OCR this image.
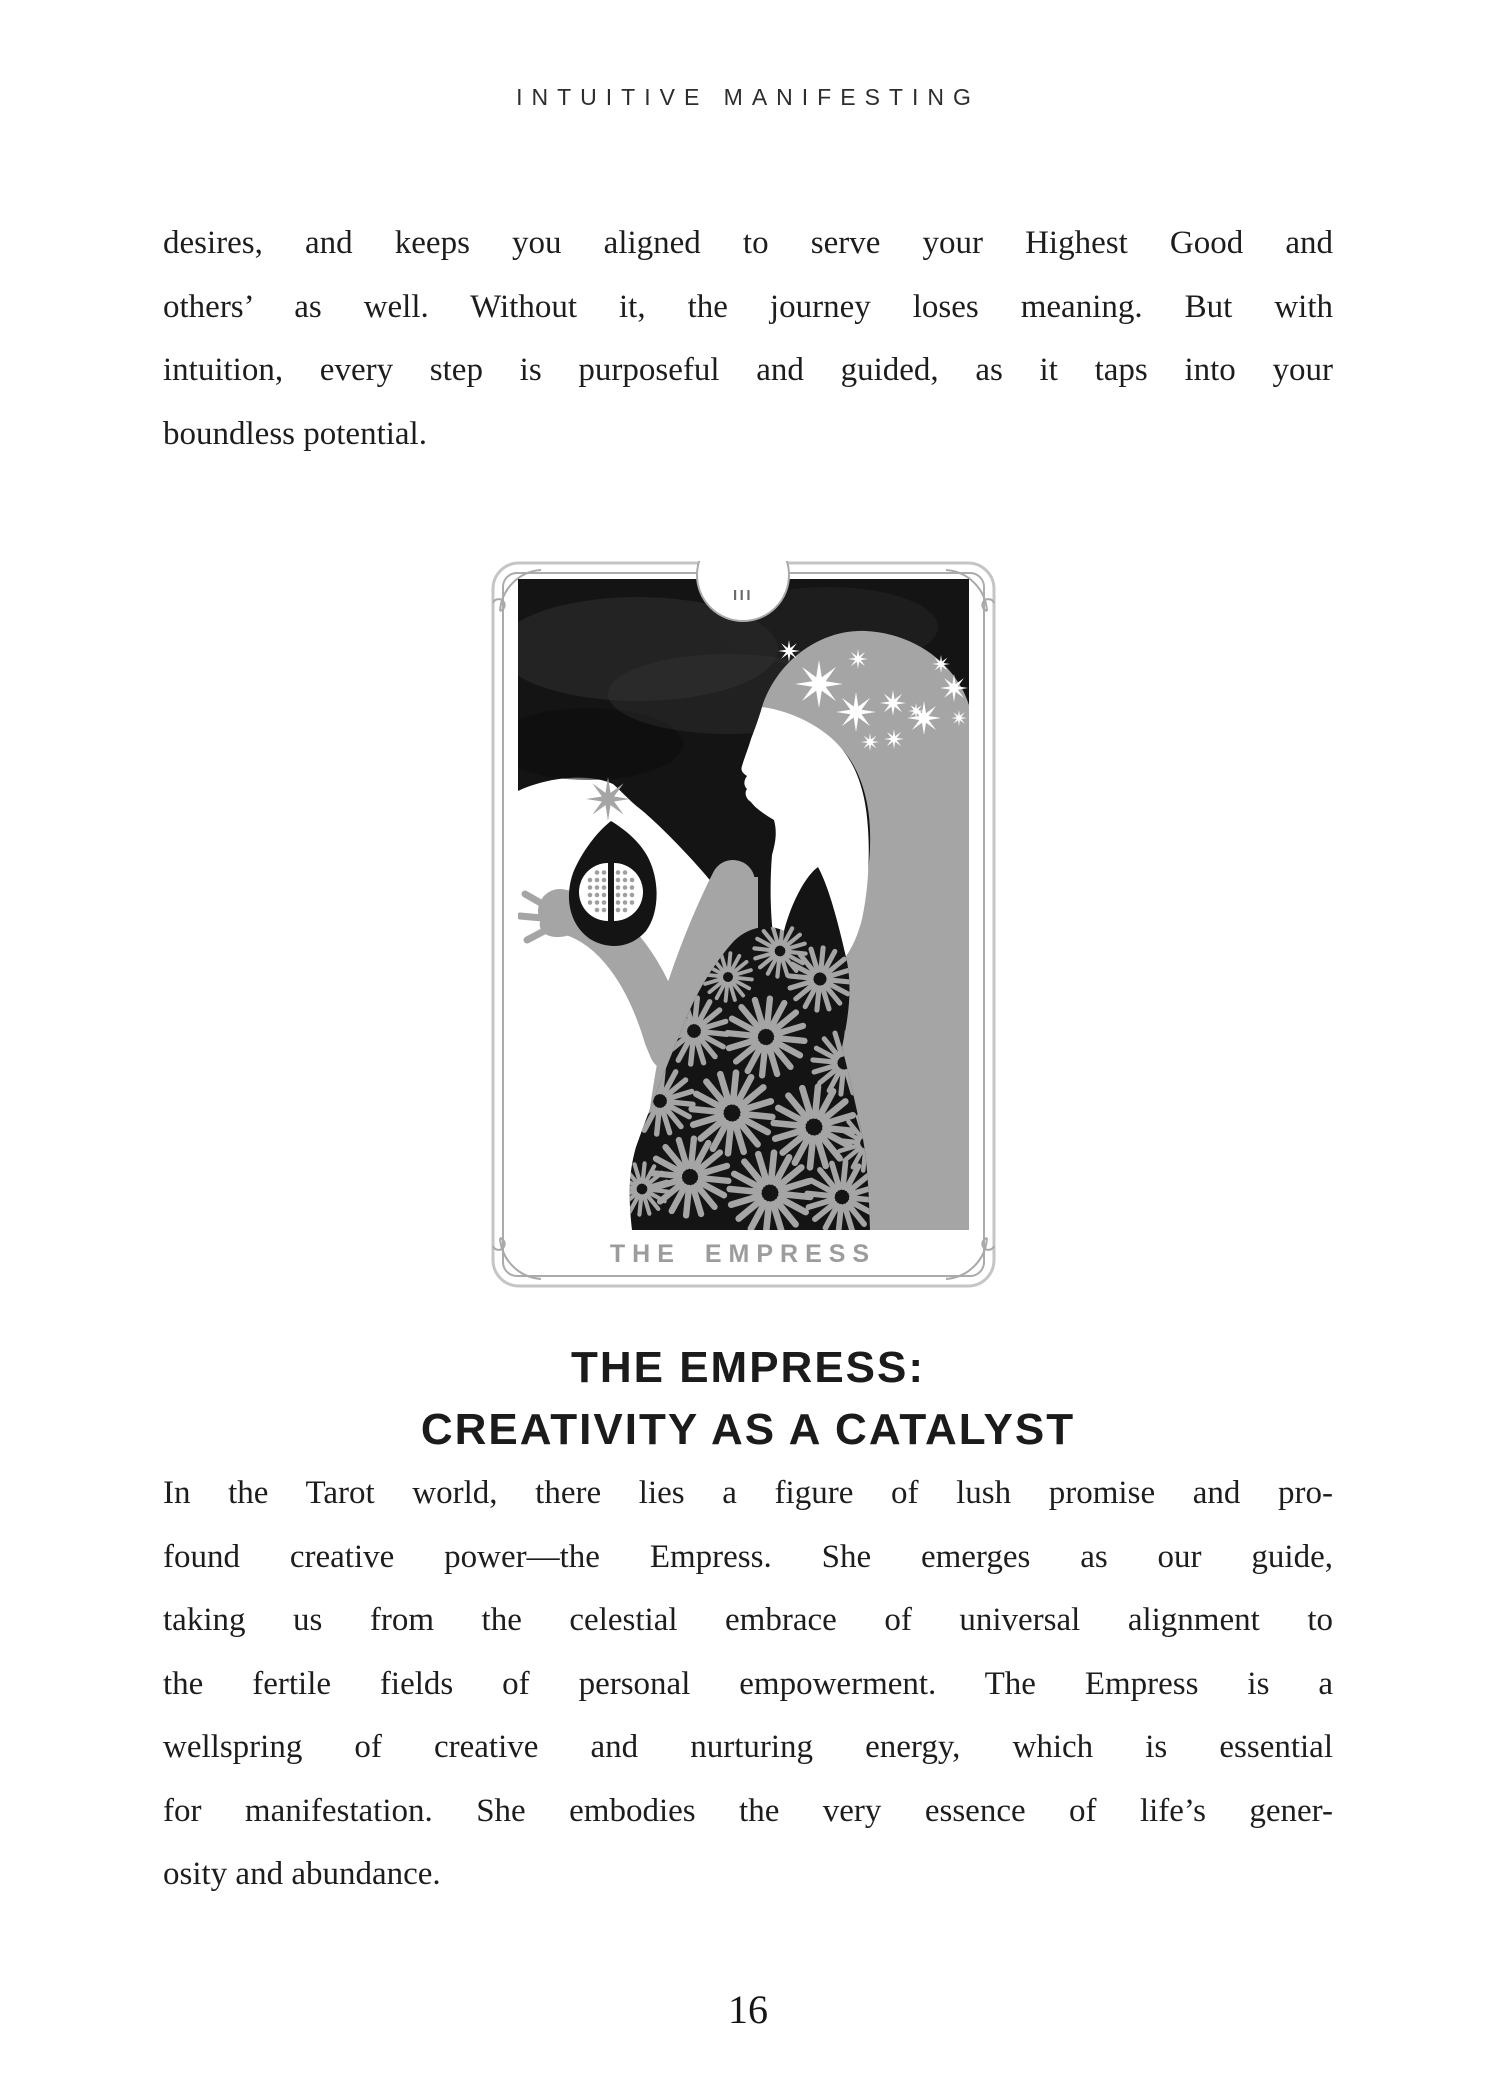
INTUITIVE MANIFESTING
desires, and keeps you aligned to serve your Highest Good and
others’ as well. Without it, the journey loses meaning. But with
intuition, every step is purposeful and guided, as it taps into your
boundless potential.
III
THE EMPRESS
THE EMPRESS:
CREATIVITY AS A CATALYST
In the Tarot world, there lies a figure of lush promise and pro-
found creative power—the Empress. She emerges as our guide,
taking us from the celestial embrace of universal alignment to
the fertile fields of personal empowerment. The Empress is a
wellspring of creative and nurturing energy, which is essential
for manifestation. She embodies the very essence of life’s gener-
osity and abundance.
16
